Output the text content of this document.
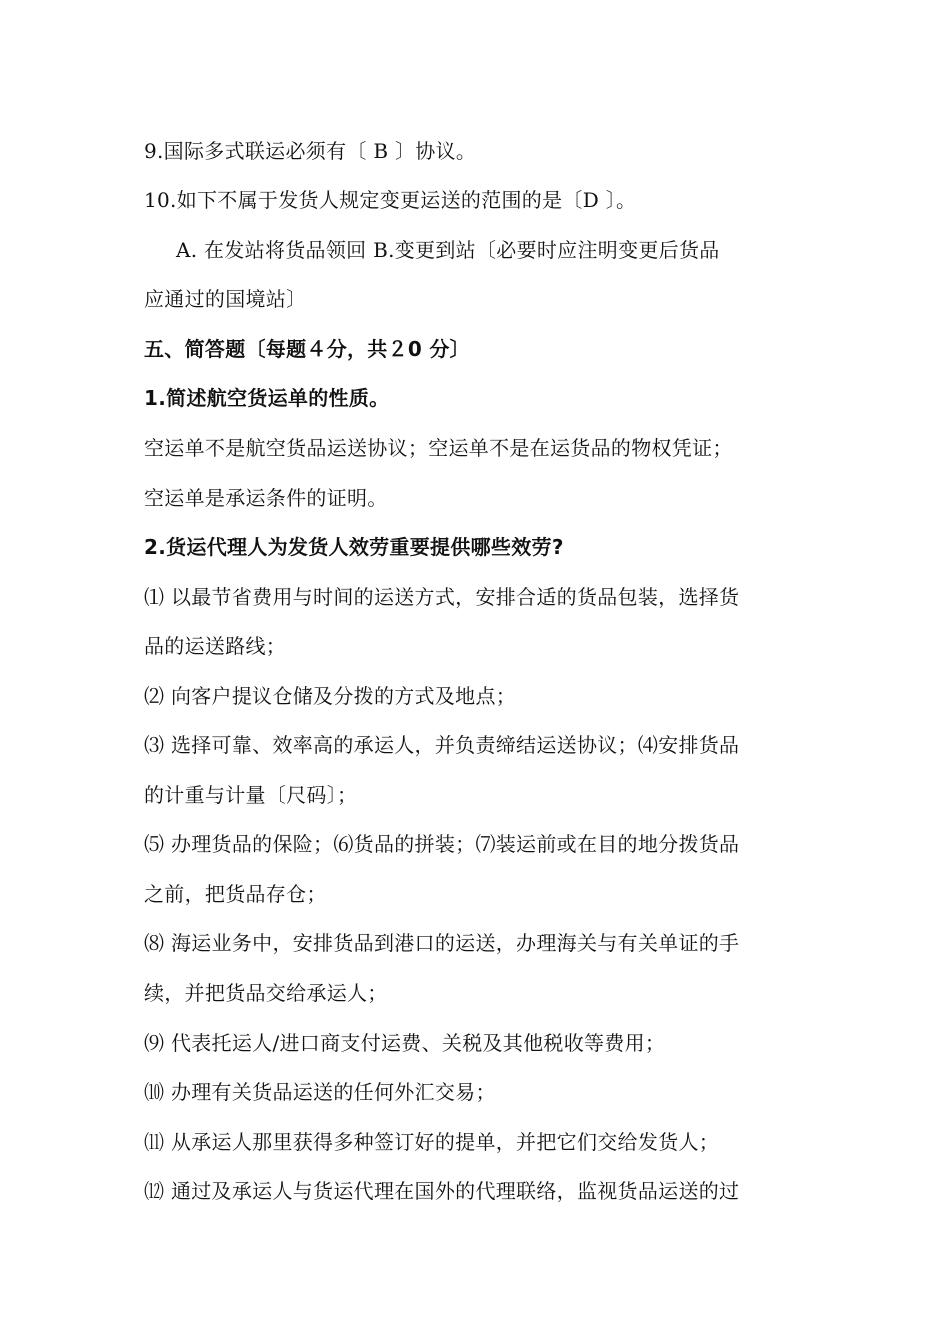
9.国际多式联运必须有〔 B 〕协议。
10.如下不属于发货人规定变更运送的范围的是〔D 〕。
A. 在发站将货品领回 B.变更到站〔必要时应注明变更后货品
应通过的国境站〕
五、简答题〔每题４分，共２0 分〕
1.简述航空货运单的性质。
空运单不是航空货品运送协议；空运单不是在运货品的物权凭证；
空运单是承运条件的证明。
2.货运代理人为发货人效劳重要提供哪些效劳?
⑴ 以最节省费用与时间的运送方式，安排合适的货品包装，选择货
品的运送路线；
⑵ 向客户提议仓储及分拨的方式及地点；
⑶ 选择可靠、效率高的承运人，并负责缔结运送协议；⑷安排货品
的计重与计量〔尺码〕；
⑸ 办理货品的保险；⑹货品的拼装；⑺装运前或在目的地分拨货品
之前，把货品存仓；
⑻ 海运业务中，安排货品到港口的运送，办理海关与有关单证的手
续，并把货品交给承运人；
⑼ 代表托运人/进口商支付运费、关税及其他税收等费用；
⑽ 办理有关货品运送的任何外汇交易；
⑾ 从承运人那里获得多种签订好的提单，并把它们交给发货人；
⑿ 通过及承运人与货运代理在国外的代理联络，监视货品运送的过
